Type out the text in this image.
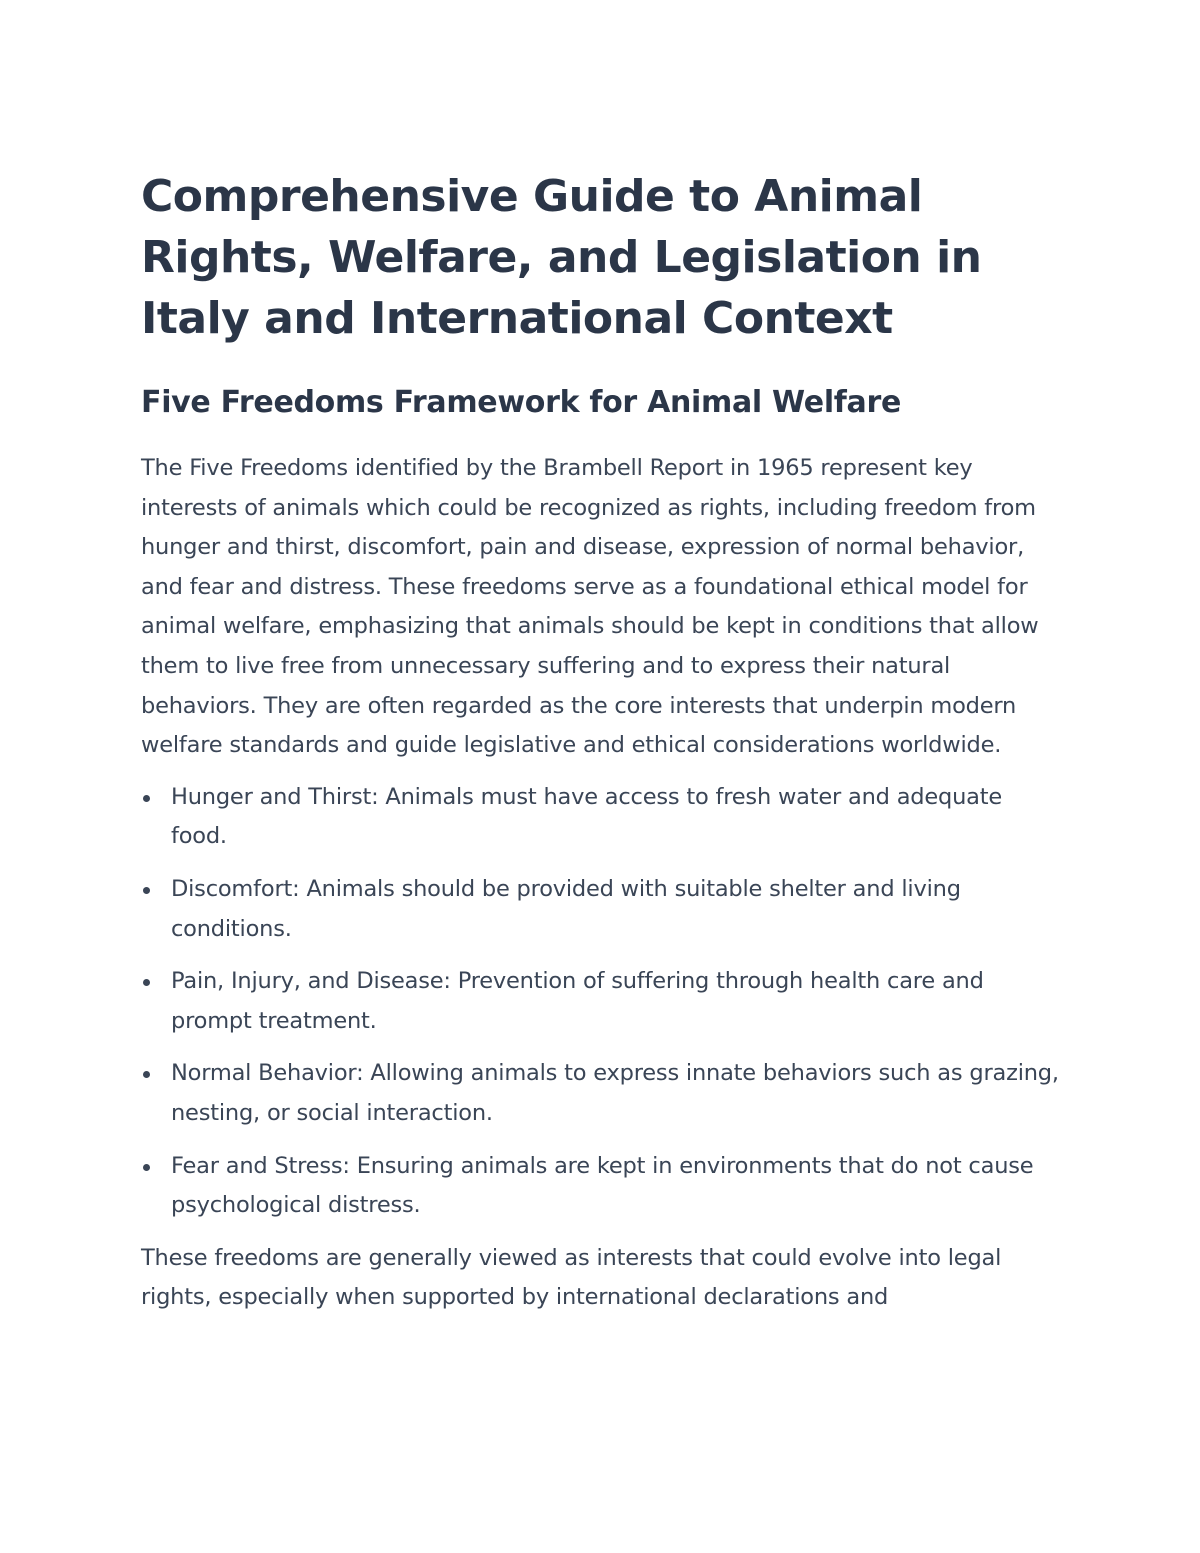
Comprehensive Guide to Animal Rights, Welfare, and Legislation in Italy and International Context
Five Freedoms Framework for Animal Welfare

The Five Freedoms identified by the Brambell Report in 1965 represent key interests of animals which could be recognized as rights, including freedom from hunger and thirst, discomfort, pain and disease, expression of normal behavior, and fear and distress. These freedoms serve as a foundational ethical model for animal welfare, emphasizing that animals should be kept in conditions that allow them to live free from unnecessary suffering and to express their natural behaviors. They are often regarded as the core interests that underpin modern welfare standards and guide legislative and ethical considerations worldwide.

Hunger and Thirst: Animals must have access to fresh water and adequate food.
Discomfort: Animals should be provided with suitable shelter and living conditions.
Pain, Injury, and Disease: Prevention of suffering through health care and prompt treatment.
Normal Behavior: Allowing animals to express innate behaviors such as grazing, nesting, or social interaction.
Fear and Stress: Ensuring animals are kept in environments that do not cause psychological distress.

These freedoms are generally viewed as interests that could evolve into legal rights, especially when supported by international declarations and
